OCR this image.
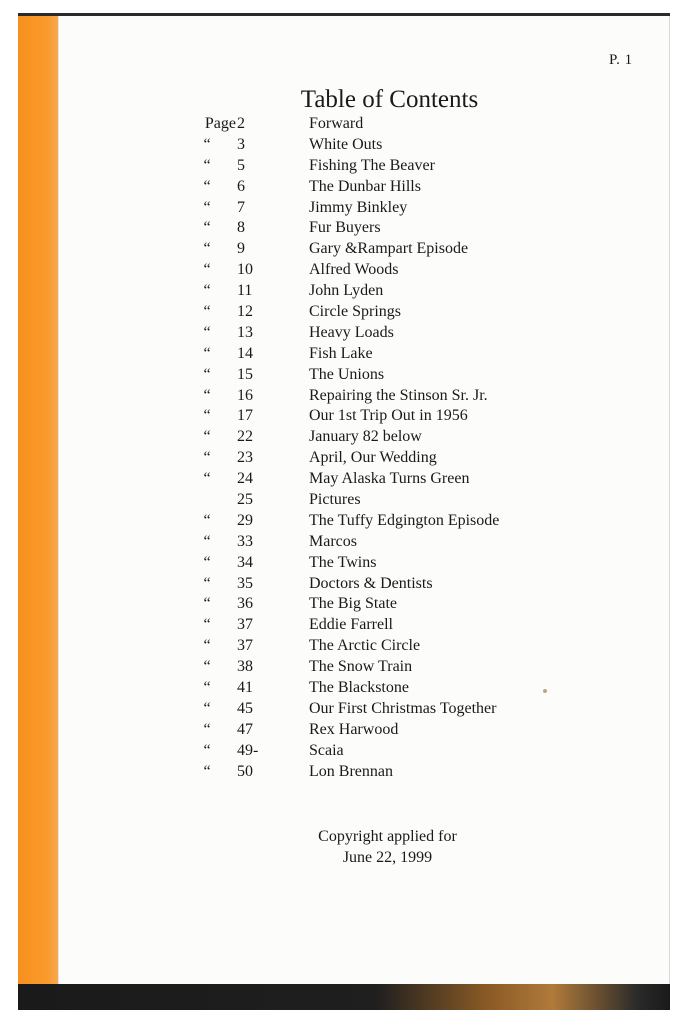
P. 1
Table of Contents
Page 2	Forward
“ 3	White Outs
“ 5	Fishing The Beaver
“ 6	The Dunbar Hills
“ 7	Jimmy Binkley
“ 8	Fur Buyers
“ 9	Gary &Rampart Episode
“ 10	Alfred Woods
“ 11	John Lyden
“ 12	Circle Springs
“ 13	Heavy Loads
“ 14	Fish Lake
“ 15	The Unions
“ 16	Repairing the Stinson Sr. Jr.
“ 17	Our 1st Trip Out in 1956
“ 22	January 82 below
“ 23	April, Our Wedding
“ 24	May Alaska Turns Green
25	Pictures
“ 29	The Tuffy Edgington Episode
“ 33	Marcos
“ 34	The Twins
“ 35	Doctors & Dentists
“ 36	The Big State
“ 37	Eddie Farrell
“ 37	The Arctic Circle
“ 38	The Snow Train
“ 41	The Blackstone
“ 45	Our First Christmas Together
“ 47	Rex Harwood
“ 49-	Scaia
“ 50	Lon Brennan
Copyright applied for
June 22, 1999
